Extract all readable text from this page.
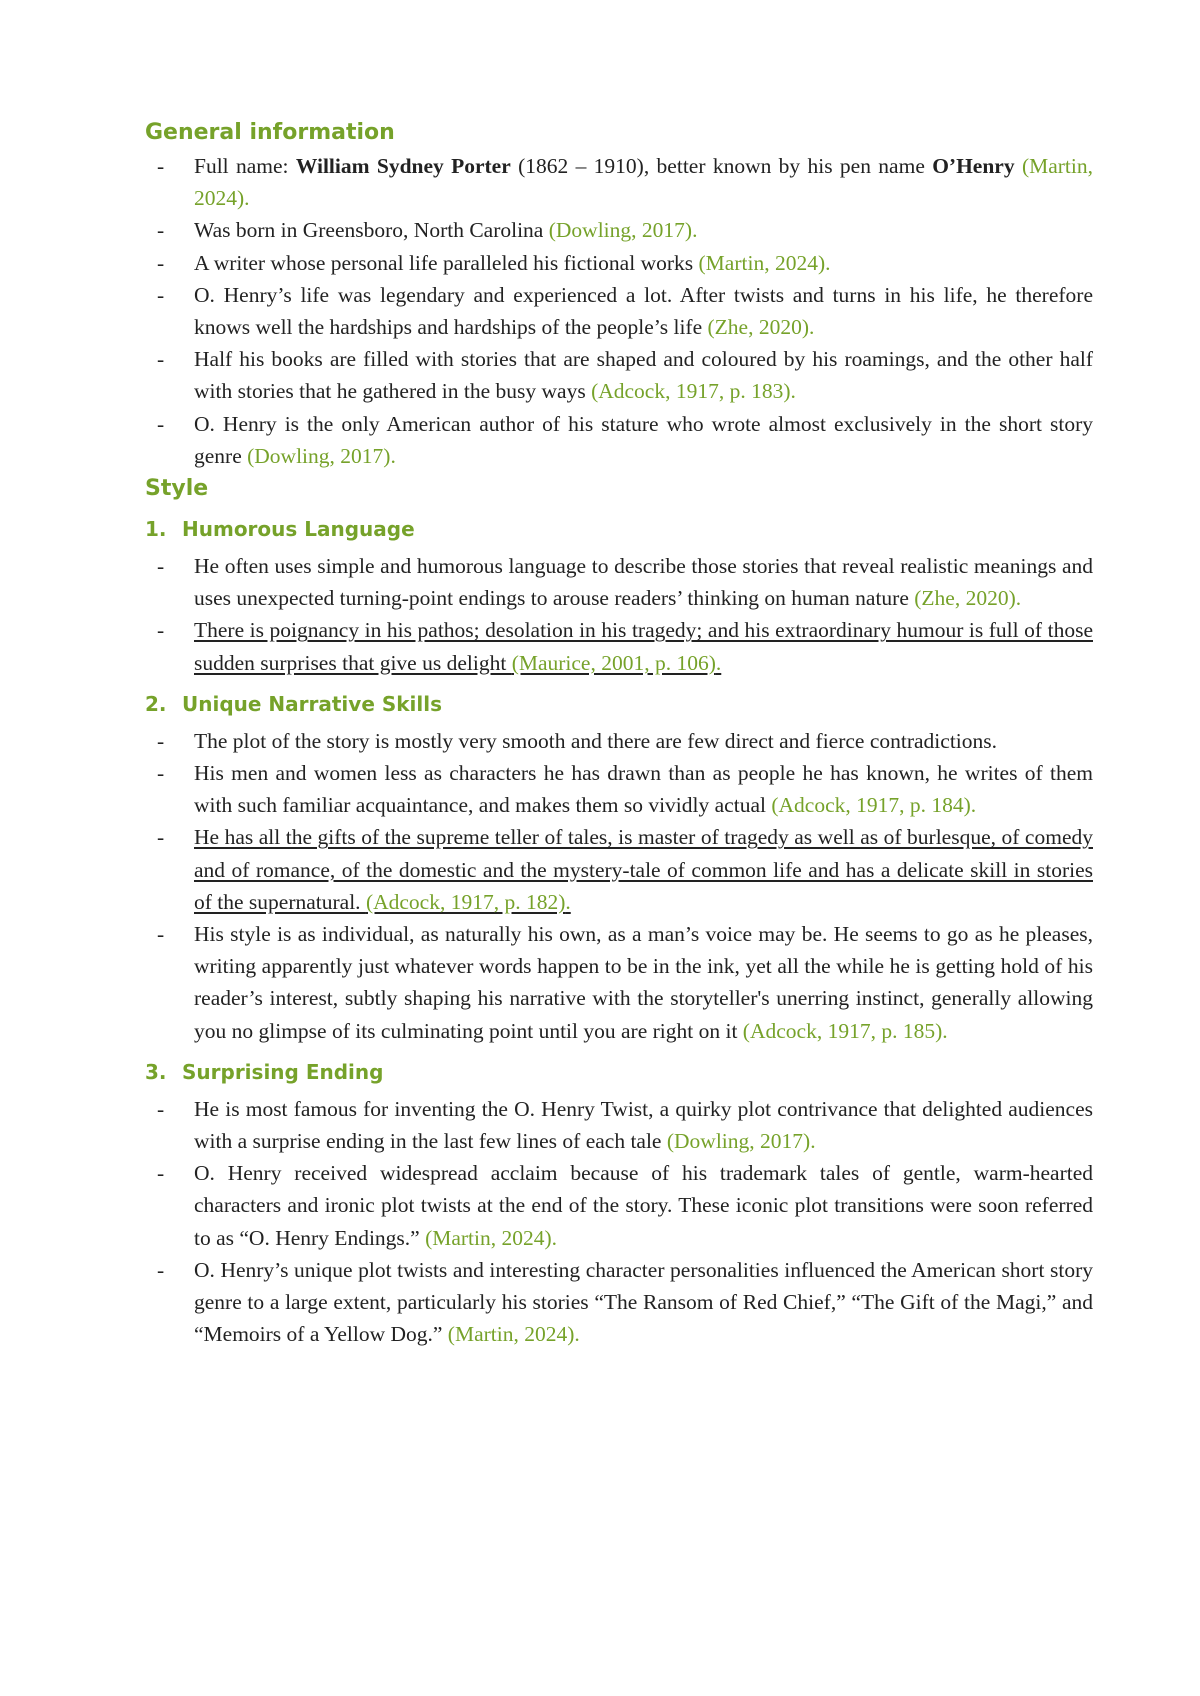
General information
- Full name: William Sydney Porter (1862 – 1910), better known by his pen name O’Henry (Martin, 2024).
- Was born in Greensboro, North Carolina (Dowling, 2017).
- A writer whose personal life paralleled his fictional works (Martin, 2024).
- O. Henry’s life was legendary and experienced a lot. After twists and turns in his life, he therefore knows well the hardships and hardships of the people’s life (Zhe, 2020).
- Half his books are filled with stories that are shaped and coloured by his roamings, and the other half with stories that he gathered in the busy ways (Adcock, 1917, p. 183).
- O. Henry is the only American author of his stature who wrote almost exclusively in the short story genre (Dowling, 2017).
Style
1. Humorous Language
- He often uses simple and humorous language to describe those stories that reveal realistic meanings and uses unexpected turning-point endings to arouse readers’ thinking on human nature (Zhe, 2020).
- There is poignancy in his pathos; desolation in his tragedy; and his extraordinary humour is full of those sudden surprises that give us delight (Maurice, 2001, p. 106).
2. Unique Narrative Skills
- The plot of the story is mostly very smooth and there are few direct and fierce contradictions.
- His men and women less as characters he has drawn than as people he has known, he writes of them with such familiar acquaintance, and makes them so vividly actual (Adcock, 1917, p. 184).
- He has all the gifts of the supreme teller of tales, is master of tragedy as well as of burlesque, of comedy and of romance, of the domestic and the mystery-tale of common life and has a delicate skill in stories of the supernatural. (Adcock, 1917, p. 182).
- His style is as individual, as naturally his own, as a man’s voice may be. He seems to go as he pleases, writing apparently just whatever words happen to be in the ink, yet all the while he is getting hold of his reader’s interest, subtly shaping his narrative with the storyteller's unerring instinct, generally allowing you no glimpse of its culminating point until you are right on it (Adcock, 1917, p. 185).
3. Surprising Ending
- He is most famous for inventing the O. Henry Twist, a quirky plot contrivance that delighted audiences with a surprise ending in the last few lines of each tale (Dowling, 2017).
- O. Henry received widespread acclaim because of his trademark tales of gentle, warm-hearted characters and ironic plot twists at the end of the story. These iconic plot transitions were soon referred to as “O. Henry Endings.” (Martin, 2024).
- O. Henry’s unique plot twists and interesting character personalities influenced the American short story genre to a large extent, particularly his stories “The Ransom of Red Chief,” “The Gift of the Magi,” and “Memoirs of a Yellow Dog.” (Martin, 2024).
